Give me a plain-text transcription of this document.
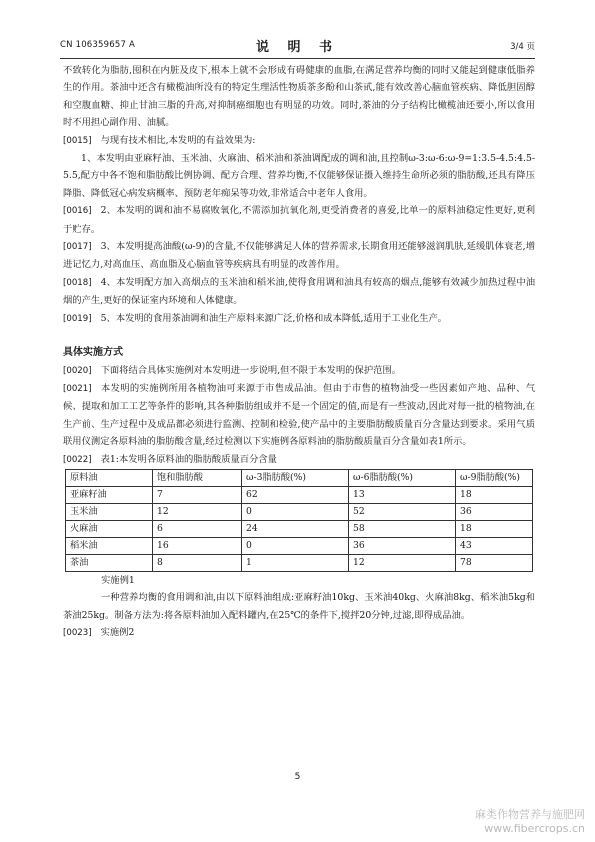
CN 106359657 A	说 明 书	3/4 页

不致转化为脂肪,囤积在内脏及皮下,根本上就不会形成有碍健康的血脂,在满足营养均衡的同时又能起到健康低脂养生的作用。茶油中还含有橄榄油所没有的特定生理活性物质茶多酚和山茶甙,能有效改善心脑血管疾病、降低胆固醇和空腹血糖、抑止甘油三脂的升高,对抑制癌细胞也有明显的功效。同时,茶油的分子结构比橄榄油还要小,所以食用时不用担心副作用、油腻。

[0015] 与现有技术相比,本发明的有益效果为:

1、本发明由亚麻籽油、玉米油、火麻油、稻米油和茶油调配成的调和油,且控制ω-3:ω-6:ω-9=1:3.5-4.5:4.5-5.5,配方中各不饱和脂肪酸比例协调、配方合理、营养均衡,不仅能够保证摄入维持生命所必须的脂肪酸,还具有降压降脂、降低冠心病发病概率、预防老年痴呆等功效,非常适合中老年人食用。

[0016] 2、本发明的调和油不易腐败氧化,不需添加抗氧化剂,更受消费者的喜爱,比单一的原料油稳定性更好,更利于贮存。

[0017] 3、本发明提高油酸(ω-9)的含量,不仅能够满足人体的营养需求,长期食用还能够滋润肌肤,延缓肌体衰老,增进记忆力,对高血压、高血脂及心脑血管等疾病具有明显的改善作用。

[0018] 4、本发明配方加入高烟点的玉米油和稻米油,使得食用调和油具有较高的烟点,能够有效减少加热过程中油烟的产生,更好的保证室内环境和人体健康。

[0019] 5、本发明的食用茶油调和油生产原料来源广泛,价格和成本降低,适用于工业化生产。

具体实施方式

[0020] 下面将结合具体实施例对本发明进一步说明,但不限于本发明的保护范围。

[0021] 本发明的实施例所用各植物油可来源于市售成品油。但由于市售的植物油受一些因素如产地、品种、气候、提取和加工工艺等条件的影响,其各种脂肪组成并不是一个固定的值,而是有一些波动,因此对每一批的植物油,在生产前、生产过程中及成品都必须进行监测、控制和检验,使产品中的主要脂肪酸质量百分含量达到要求。采用气质联用仪测定各原料油的脂肪酸含量,经过检测以下实施例各原料油的脂肪酸质量百分含量如表1所示。

[0022] 表1:本发明各原料油的脂肪酸质量百分含量

原料油	饱和脂肪酸	ω-3脂肪酸(%)	ω-6脂肪酸(%)	ω-9脂肪酸(%)
亚麻籽油	7	62	13	18
玉米油	12	0	52	36
火麻油	6	24	58	18
稻米油	16	0	36	43
茶油	8	1	12	78

实施例1

一种营养均衡的食用调和油,由以下原料油组成:亚麻籽油10kg、玉米油40kg、火麻油8kg、稻米油5kg和茶油25kg。制备方法为:将各原料油加入配料罐内,在25℃的条件下,搅拌20分钟,过滤,即得成品油。

[0023] 实施例2

5
麻类作物营养与施肥网
www.fibercrops.cn
